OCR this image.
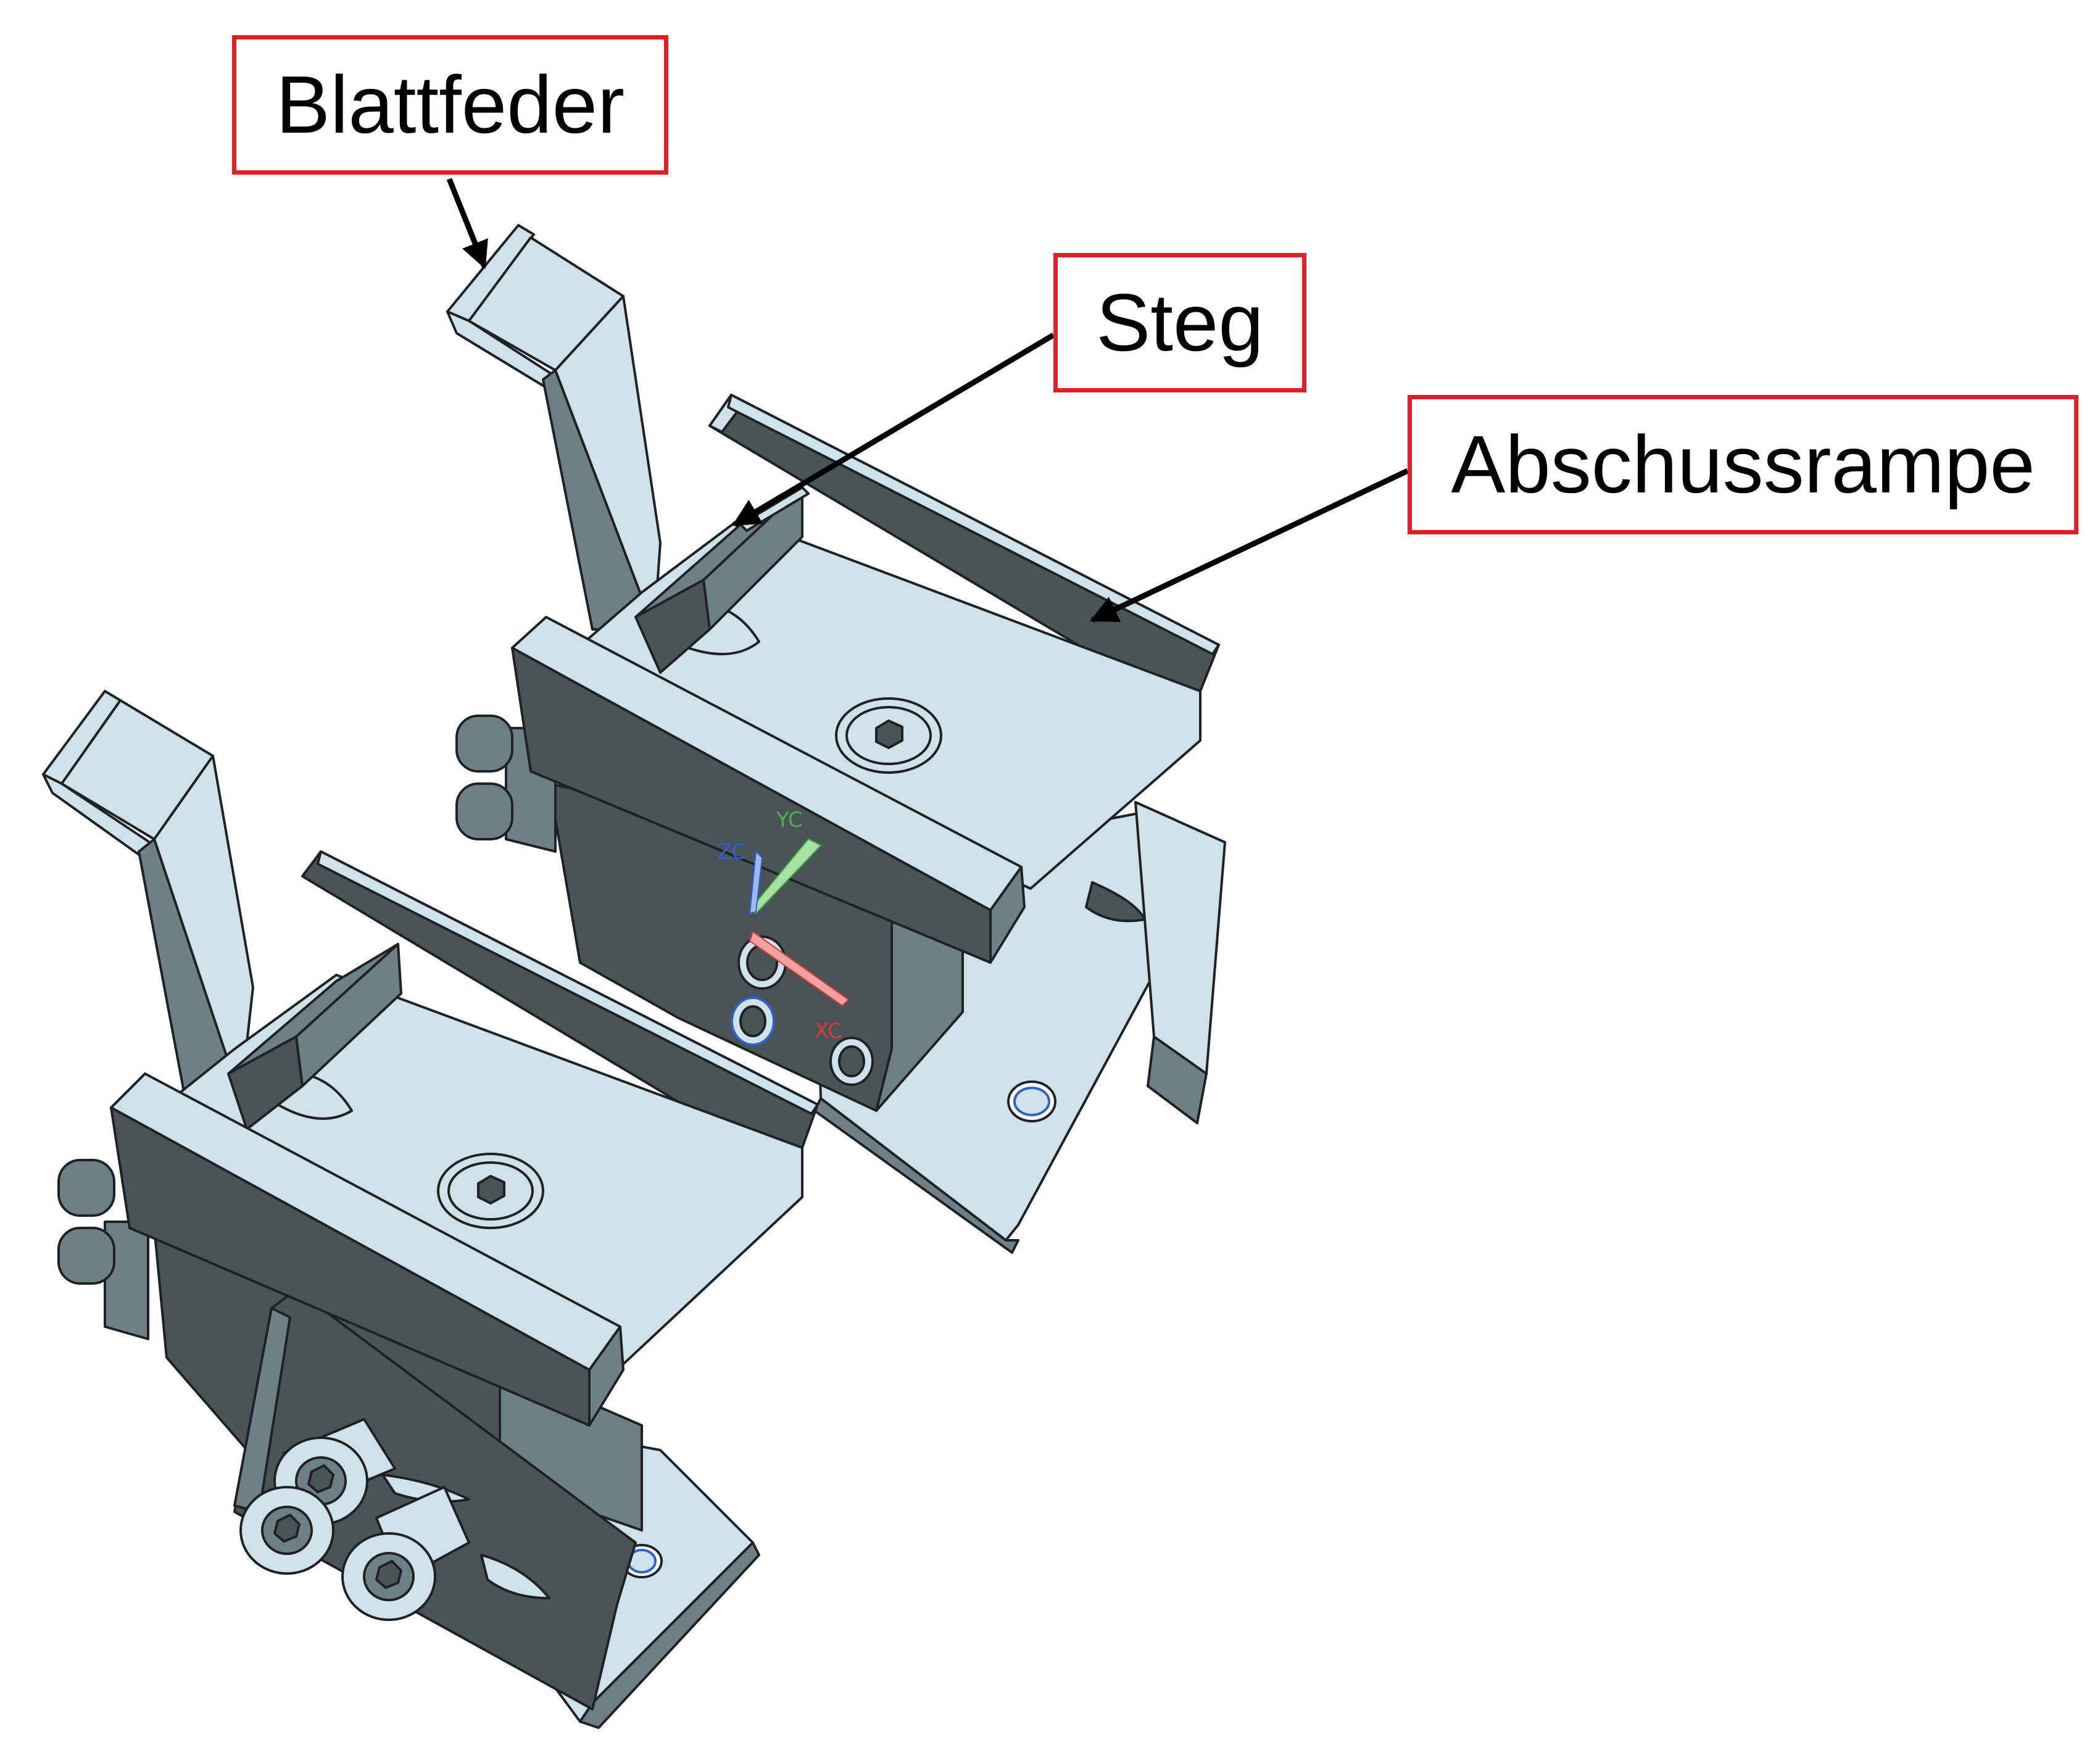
YC
ZC
XC
Blattfeder
Steg
Abschussrampe
